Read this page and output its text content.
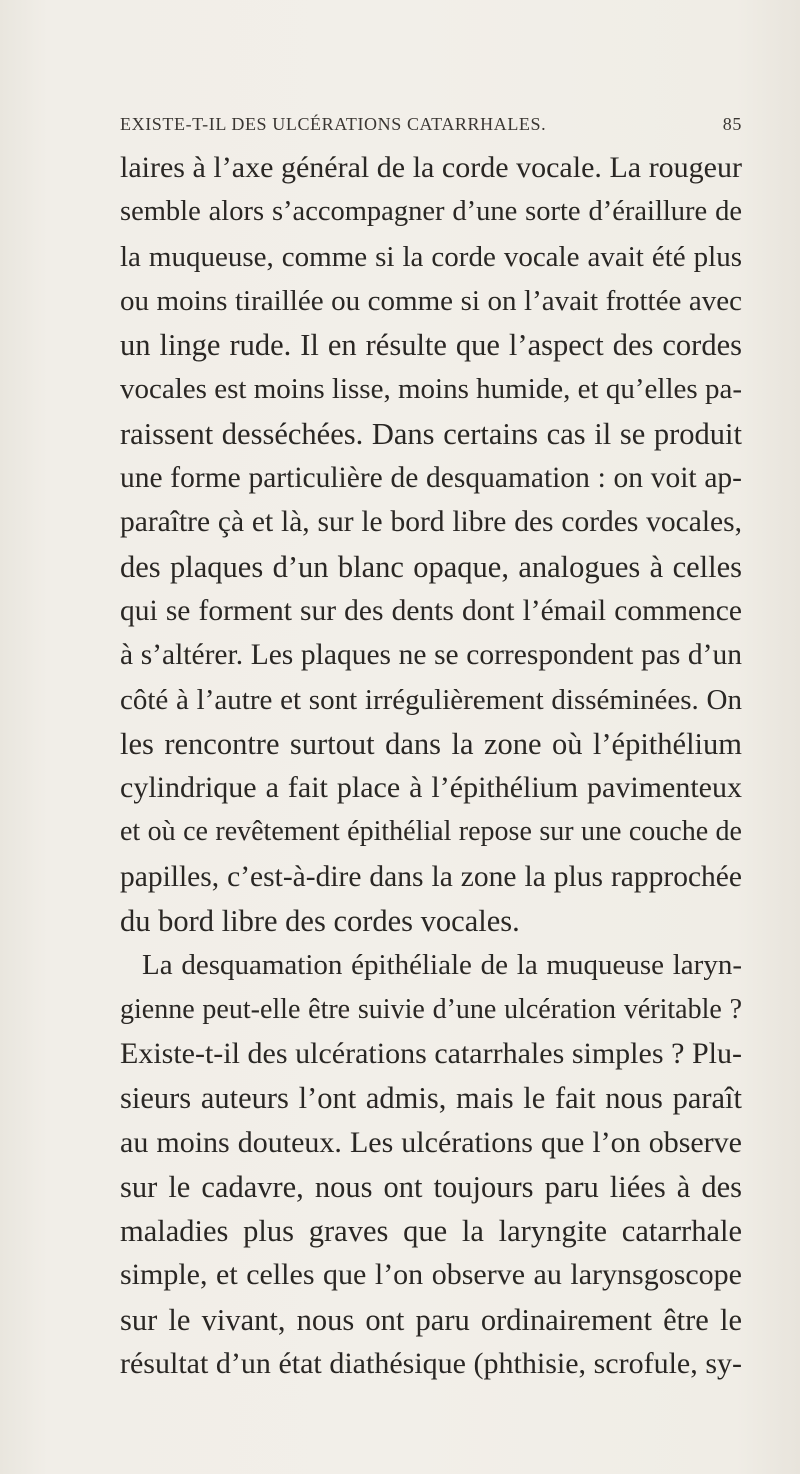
EXISTE-T-IL DES ULCÉRATIONS CATARRHALES.	85
laires à l’axe général de la corde vocale. La rougeur
semble alors s’accompagner d’une sorte d’éraillure de
la muqueuse, comme si la corde vocale avait été plus
ou moins tiraillée ou comme si on l’avait frottée avec
un linge rude. Il en résulte que l’aspect des cordes
vocales est moins lisse, moins humide, et qu’elles pa-
raissent desséchées. Dans certains cas il se produit
une forme particulière de desquamation : on voit ap-
paraître çà et là, sur le bord libre des cordes vocales,
des plaques d’un blanc opaque, analogues à celles
qui se forment sur des dents dont l’émail commence
à s’altérer. Les plaques ne se correspondent pas d’un
côté à l’autre et sont irrégulièrement disséminées. On
les rencontre surtout dans la zone où l’épithélium
cylindrique a fait place à l’épithélium pavimenteux
et où ce revêtement épithélial repose sur une couche de
papilles, c’est-à-dire dans la zone la plus rapprochée
du bord libre des cordes vocales.
La desquamation épithéliale de la muqueuse laryn-
gienne peut-elle être suivie d’une ulcération véritable ?
Existe-t-il des ulcérations catarrhales simples ? Plu-
sieurs auteurs l’ont admis, mais le fait nous paraît
au moins douteux. Les ulcérations que l’on observe
sur le cadavre, nous ont toujours paru liées à des
maladies plus graves que la laryngite catarrhale
simple, et celles que l’on observe au larynsgoscope
sur le vivant, nous ont paru ordinairement être le
résultat d’un état diathésique (phthisie, scrofule, sy-
